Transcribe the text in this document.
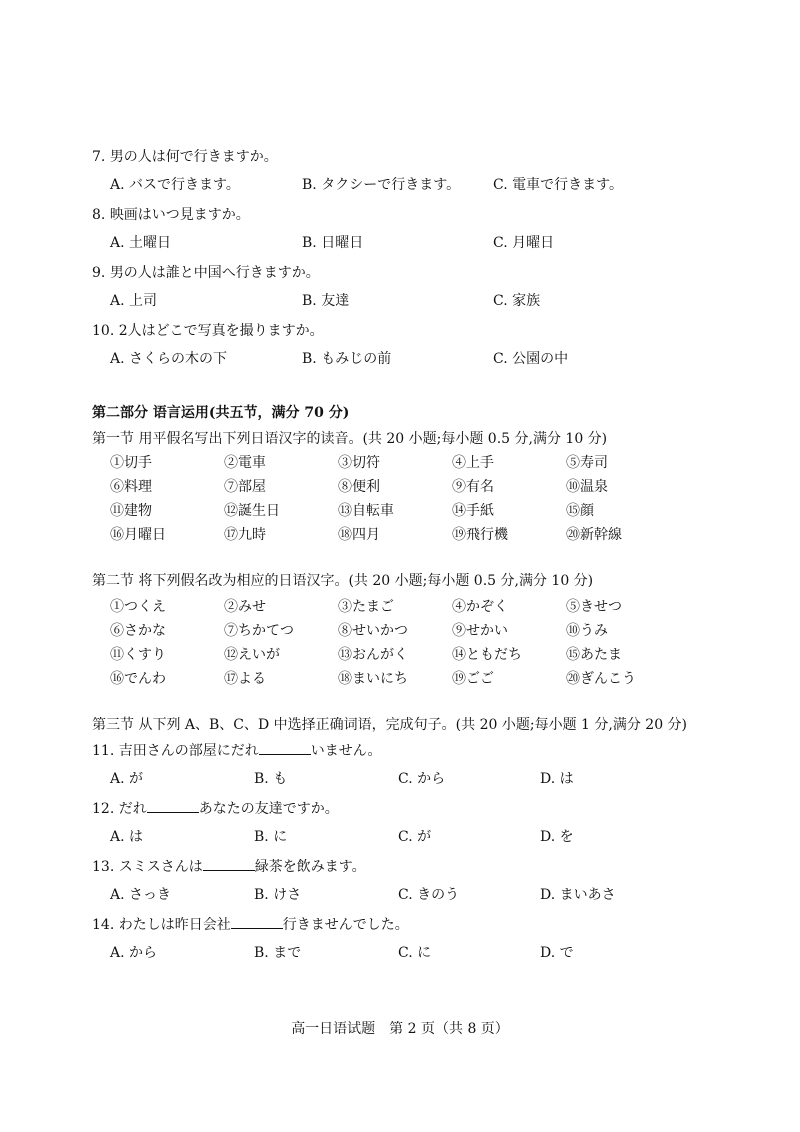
7. 男の人は何で行きますか。
A. バスで行きます。	B. タクシーで行きます。 C. 電車で行きます。
8. 映画はいつ見ますか。
A. 土曜日	B. 日曜日	C. 月曜日
9. 男の人は誰と中国へ行きますか。
A. 上司	B. 友達	C. 家族
10. 2人はどこで写真を撮りますか。
A. さくらの木の下	B. もみじの前	C. 公園の中
第二部分 语言运用(共五节，满分 70 分)
第一节 用平假名写出下列日语汉字的读音。(共 20 小题;每小题 0.5 分,满分 10 分)
①切手	②電車	③切符	④上手	⑤寿司
⑥料理	⑦部屋	⑧便利	⑨有名	⑩温泉
⑪建物	⑫誕生日	⑬自転車	⑭手紙	⑮顔
⑯月曜日	⑰九時	⑱四月	⑲飛行機	⑳新幹線
第二节 将下列假名改为相应的日语汉字。(共 20 小题;每小题 0.5 分,满分 10 分)
①つくえ	②みせ	③たまご	④かぞく	⑤きせつ
⑥さかな	⑦ちかてつ	⑧せいかつ	⑨せかい	⑩うみ
⑪くすり	⑫えいが	⑬おんがく	⑭ともだち	⑮あたま
⑯でんわ	⑰よる	⑱まいにち	⑲ごご	⑳ぎんこう
第三节 从下列 A、B、C、D 中选择正确词语，完成句子。(共 20 小题;每小题 1 分,满分 20 分)
11. 吉田さんの部屋にだれ	いません。
A. が	B. も	C. から	D. は
12. だれ	あなたの友達ですか。
A. は	B. に	C. が	D. を
13. スミスさんは	緑茶を飲みます。
A. さっき	B. けさ	C. きのう	D. まいあさ
14. わたしは昨日会社	行きませんでした。
A. から	B. まで	C. に	D. で
高一日语试题　第 2 页（共 8 页）
